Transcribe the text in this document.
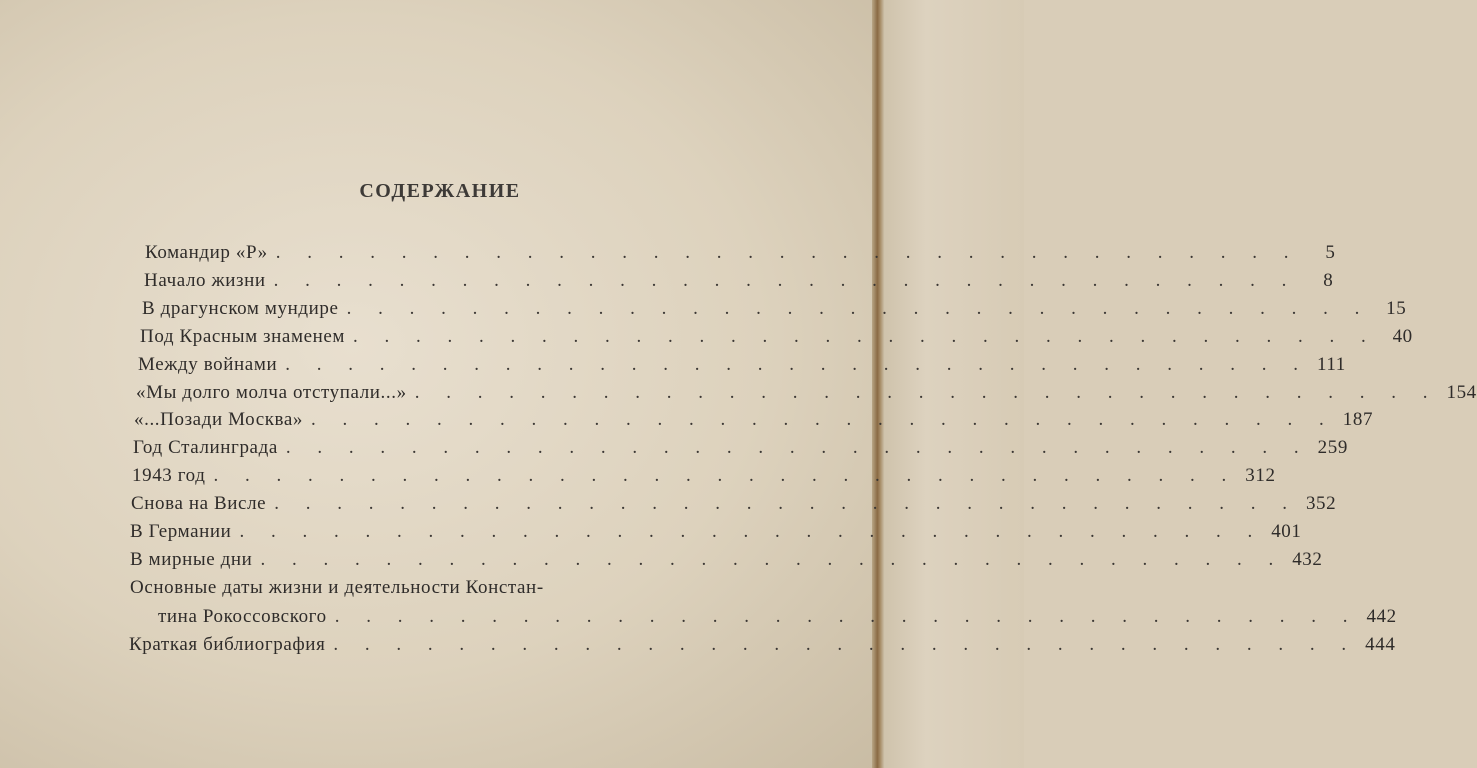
СОДЕРЖАНИЕ
Командир «Р» . . . . . . . . . . . . . . . . . . . . . . . . . . . . . . . . .	5
Начало жизни . . . . . . . . . . . . . . . . . . . . . . . . . . . . . . . . .	8
В драгунском мундире . . . . . . . . . . . . . . . . . . . . . . . . . . . . . . . . . 15
Под Красным знаменем . . . . . . . . . . . . . . . . . . . . . . . . . . . . . . . . . 40
Между войнами . . . . . . . . . . . . . . . . . . . . . . . . . . . . . . . . . 111
«Мы долго молча отступали...» . . . . . . . . . . . . . . . . . . . . . . . . . . . . . . . . . 154
«...Позади Москва» . . . . . . . . . . . . . . . . . . . . . . . . . . . . . . . . . 187
Год Сталинграда . . . . . . . . . . . . . . . . . . . . . . . . . . . . . . . . . 259
1943 год . . . . . . . . . . . . . . . . . . . . . . . . . . . . . . . . . 312
Снова на Висле . . . . . . . . . . . . . . . . . . . . . . . . . . . . . . . . . 352
В Германии . . . . . . . . . . . . . . . . . . . . . . . . . . . . . . . . . 401
В мирные дни . . . . . . . . . . . . . . . . . . . . . . . . . . . . . . . . . 432
Основные даты жизни и деятельности Констан-
тина Рокоссовского . . . . . . . . . . . . . . . . . . . . . . . . . . . . . . . . . 442
Краткая библиография . . . . . . . . . . . . . . . . . . . . . . . . . . . . . . . . . 444
